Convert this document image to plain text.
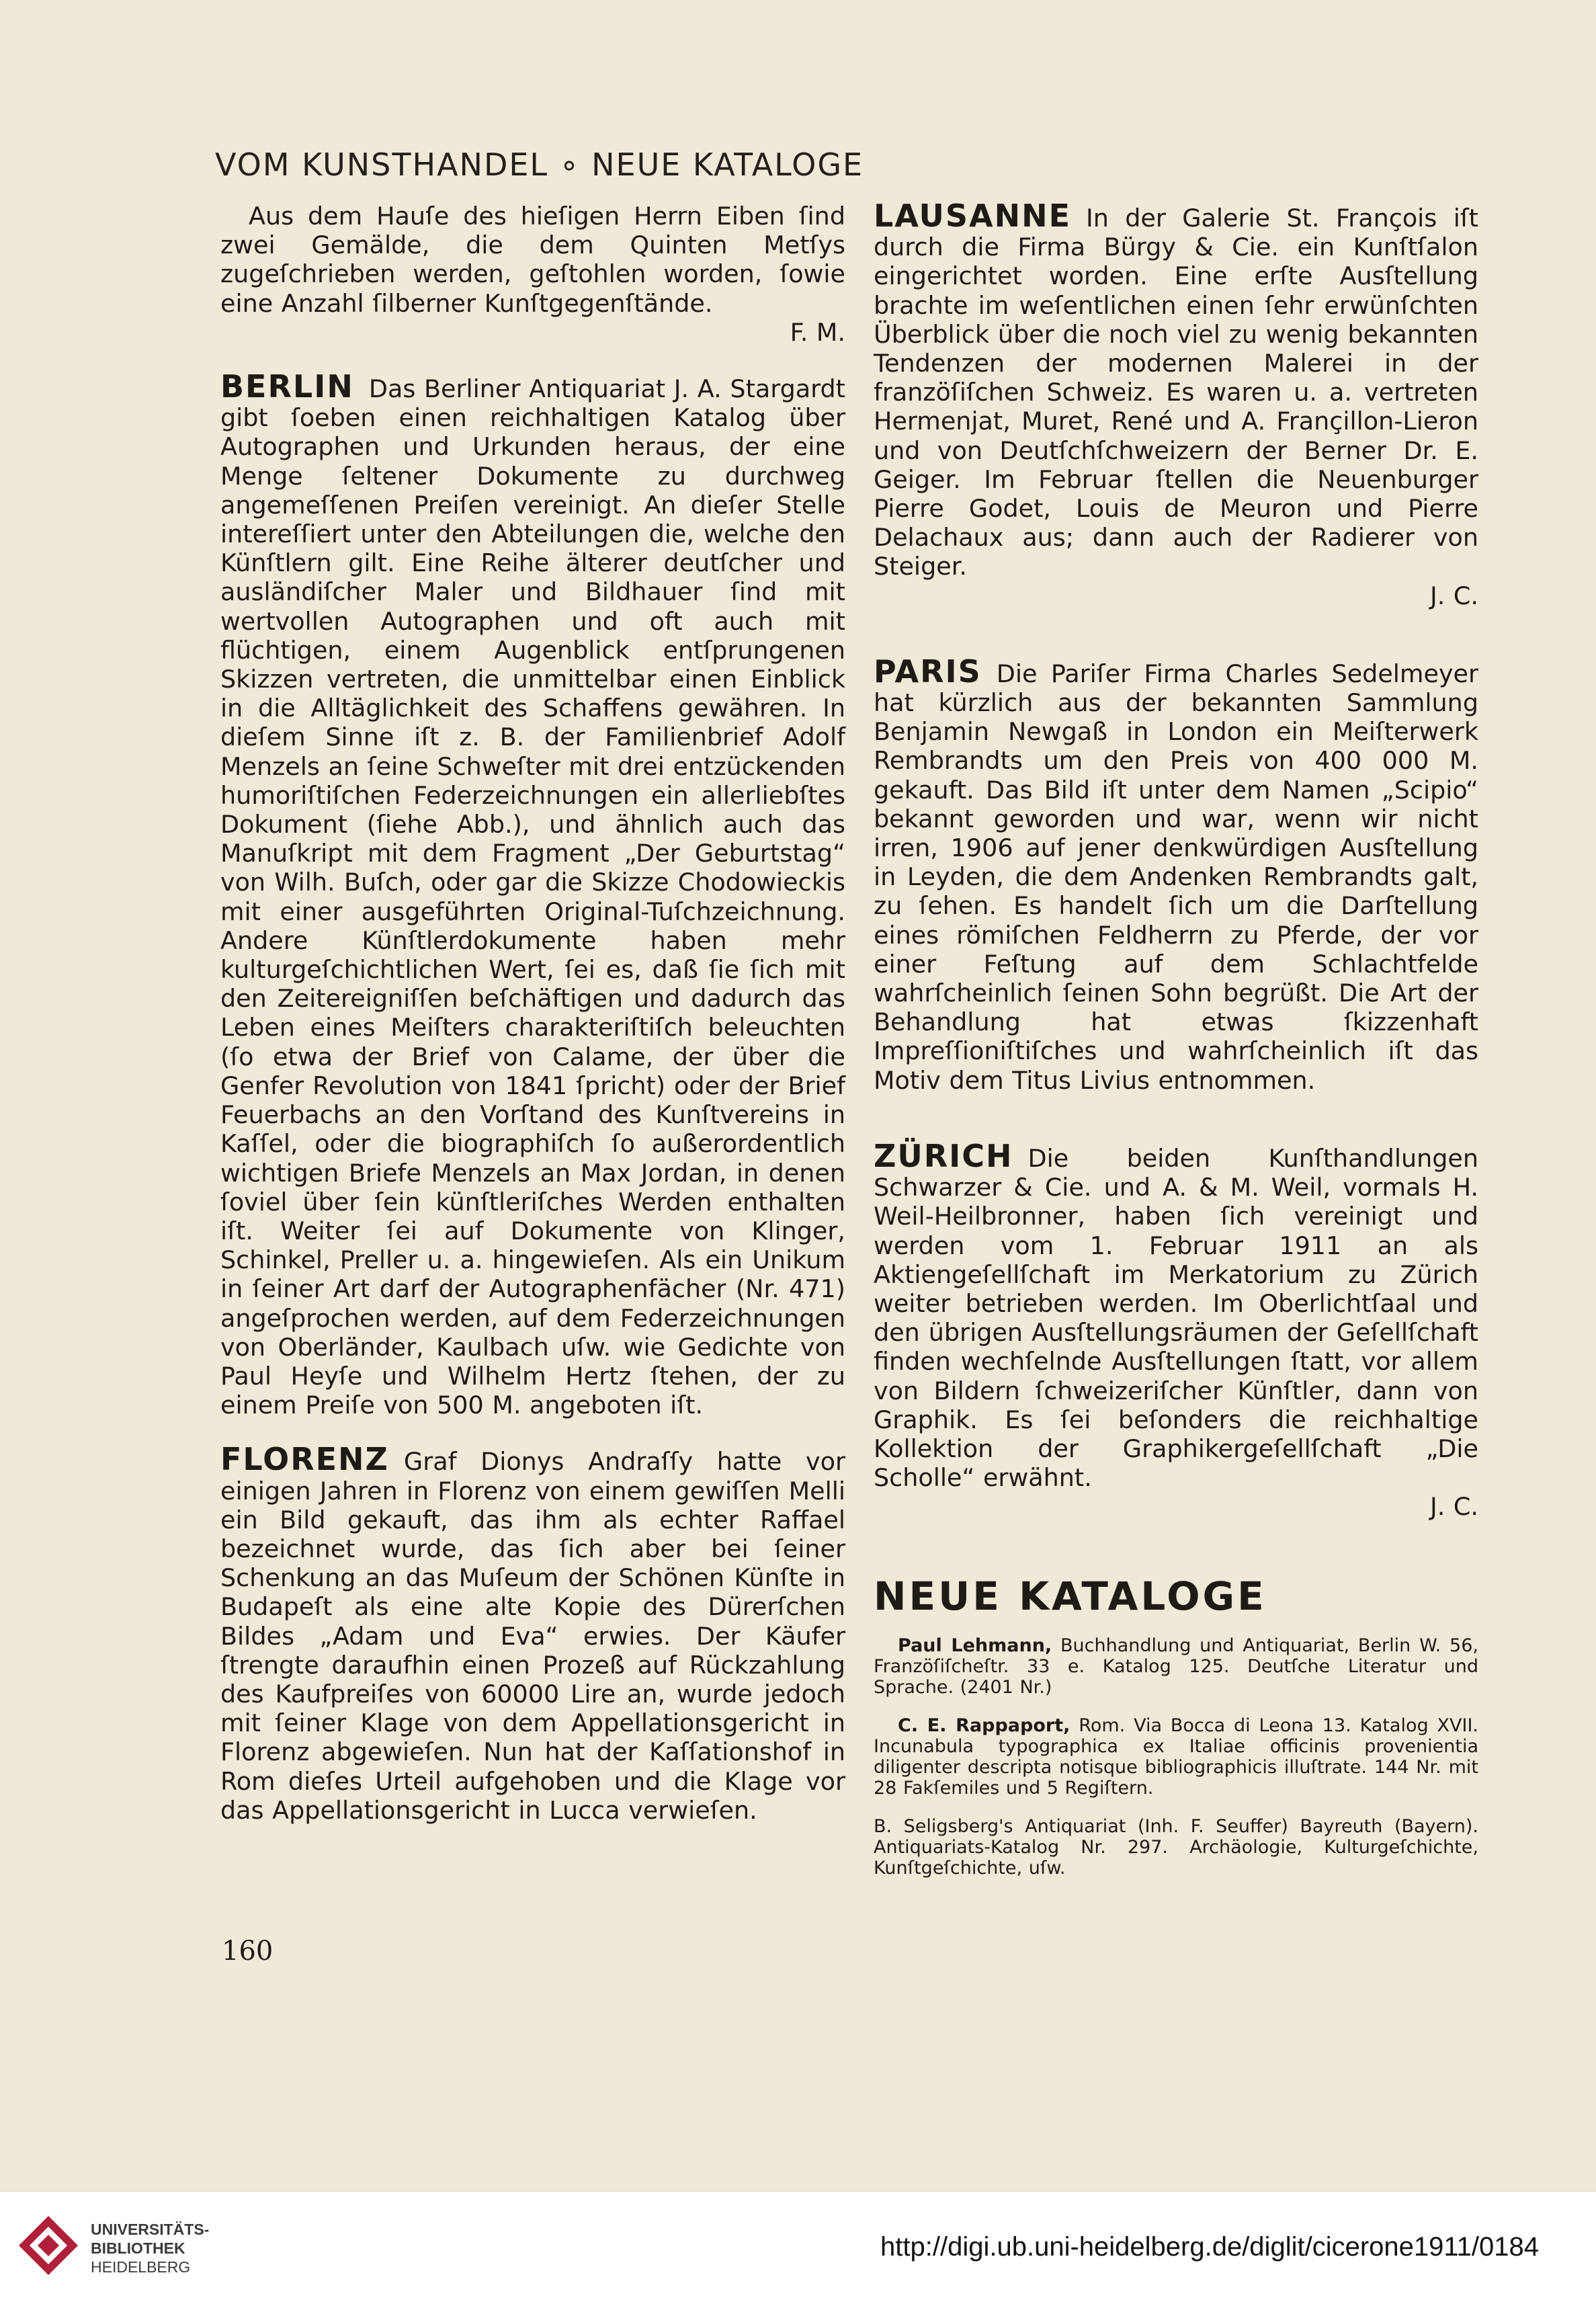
VOM KUNSTHANDEL ∘ NEUE KATALOGE

Aus dem Hauſe des hieſigen Herrn Eiben ſind zwei Gemälde, die dem Quinten Metſys zugeſchrieben werden, geſtohlen worden, ſowie eine Anzahl ſilberner Kunſtgegenſtände.
F. M.

BERLIN Das Berliner Antiquariat J. A. Stargardt gibt ſoeben einen reichhaltigen Katalog über Autographen und Urkunden heraus, der eine Menge ſeltener Dokumente zu durchweg angemeſſenen Preiſen vereinigt. An dieſer Stelle intereſſiert unter den Abteilungen die, welche den Künſtlern gilt. Eine Reihe älterer deutſcher und ausländiſcher Maler und Bildhauer ſind mit wertvollen Autographen und oft auch mit flüchtigen, einem Augenblick entſprungenen Skizzen vertreten, die unmittelbar einen Einblick in die Alltäglichkeit des Schaffens gewähren. In dieſem Sinne iſt z. B. der Familienbrief Adolf Menzels an ſeine Schweſter mit drei entzückenden humoriſtiſchen Federzeichnungen ein allerliebſtes Dokument (ſiehe Abb.), und ähnlich auch das Manuſkript mit dem Fragment „Der Geburtstag“ von Wilh. Buſch, oder gar die Skizze Chodowieckis mit einer ausgeführten Original-Tuſchzeichnung. Andere Künſtlerdokumente haben mehr kulturgeſchichtlichen Wert, ſei es, daß ſie ſich mit den Zeitereigniſſen beſchäftigen und dadurch das Leben eines Meiſters charakteriſtiſch beleuchten (ſo etwa der Brief von Calame, der über die Genfer Revolution von 1841 ſpricht) oder der Brief Feuerbachs an den Vorſtand des Kunſtvereins in Kaſſel, oder die biographiſch ſo außerordentlich wichtigen Briefe Menzels an Max Jordan, in denen ſoviel über ſein künſtleriſches Werden enthalten iſt. Weiter ſei auf Dokumente von Klinger, Schinkel, Preller u. a. hingewieſen. Als ein Unikum in ſeiner Art darf der Autographenfächer (Nr. 471) angeſprochen werden, auf dem Federzeichnungen von Oberländer, Kaulbach uſw. wie Gedichte von Paul Heyſe und Wilhelm Hertz ſtehen, der zu einem Preiſe von 500 M. angeboten iſt.

FLORENZ Graf Dionys Andraſſy hatte vor einigen Jahren in Florenz von einem gewiſſen Melli ein Bild gekauft, das ihm als echter Raffael bezeichnet wurde, das ſich aber bei ſeiner Schenkung an das Muſeum der Schönen Künſte in Budapeſt als eine alte Kopie des Dürerſchen Bildes „Adam und Eva“ erwies. Der Käufer ſtrengte daraufhin einen Prozeß auf Rückzahlung des Kaufpreiſes von 60000 Lire an, wurde jedoch mit ſeiner Klage von dem Appellationsgericht in Florenz abgewieſen. Nun hat der Kaſſationshof in Rom dieſes Urteil aufgehoben und die Klage vor das Appellationsgericht in Lucca verwieſen.

LAUSANNE In der Galerie St. François iſt durch die Firma Bürgy & Cie. ein Kunſtſalon eingerichtet worden. Eine erſte Ausſtellung brachte im weſentlichen einen ſehr erwünſchten Überblick über die noch viel zu wenig bekannten Tendenzen der modernen Malerei in der franzöſiſchen Schweiz. Es waren u. a. vertreten Hermenjat, Muret, René und A. Françillon-Lieron und von Deutſchſchweizern der Berner Dr. E. Geiger. Im Februar ſtellen die Neuenburger Pierre Godet, Louis de Meuron und Pierre Delachaux aus; dann auch der Radierer von Steiger.
J. C.

PARIS Die Pariſer Firma Charles Sedelmeyer hat kürzlich aus der bekannten Sammlung Benjamin Newgaß in London ein Meiſterwerk Rembrandts um den Preis von 400 000 M. gekauft. Das Bild iſt unter dem Namen „Scipio“ bekannt geworden und war, wenn wir nicht irren, 1906 auf jener denkwürdigen Ausſtellung in Leyden, die dem Andenken Rembrandts galt, zu ſehen. Es handelt ſich um die Darſtellung eines römiſchen Feldherrn zu Pferde, der vor einer Feſtung auf dem Schlachtfelde wahrſcheinlich ſeinen Sohn begrüßt. Die Art der Behandlung hat etwas ſkizzenhaft Impreſſioniſtiſches und wahrſcheinlich iſt das Motiv dem Titus Livius entnommen.

ZÜRICH Die beiden Kunſthandlungen Schwarzer & Cie. und A. & M. Weil, vormals H. Weil-Heilbronner, haben ſich vereinigt und werden vom 1. Februar 1911 an als Aktiengeſellſchaft im Merkatorium zu Zürich weiter betrieben werden. Im Oberlichtſaal und den übrigen Ausſtellungsräumen der Geſellſchaft finden wechſelnde Ausſtellungen ſtatt, vor allem von Bildern ſchweizeriſcher Künſtler, dann von Graphik. Es ſei beſonders die reichhaltige Kollektion der Graphikergeſellſchaft „Die Scholle“ erwähnt.
J. C.

NEUE KATALOGE
Paul Lehmann, Buchhandlung und Antiquariat, Berlin W. 56, Franzöſiſcheſtr. 33 e. Katalog 125. Deutſche Literatur und Sprache. (2401 Nr.)
C. E. Rappaport, Rom. Via Bocca di Leona 13. Katalog XVII. Incunabula typographica ex Italiae officinis provenientia diligenter descripta notisque bibliographicis illuſtrate. 144 Nr. mit 28 Fakſemiles und 5 Regiſtern.
B. Seligsberg's Antiquariat (Inh. F. Seuffer) Bayreuth (Bayern). Antiquariats-Katalog Nr. 297. Archäologie, Kulturgeſchichte, Kunſtgeſchichte, uſw.
160
UNIVERSITÄTS-
BIBLIOTHEK
HEIDELBERG
http://digi.ub.uni-heidelberg.de/diglit/cicerone1911/0184
